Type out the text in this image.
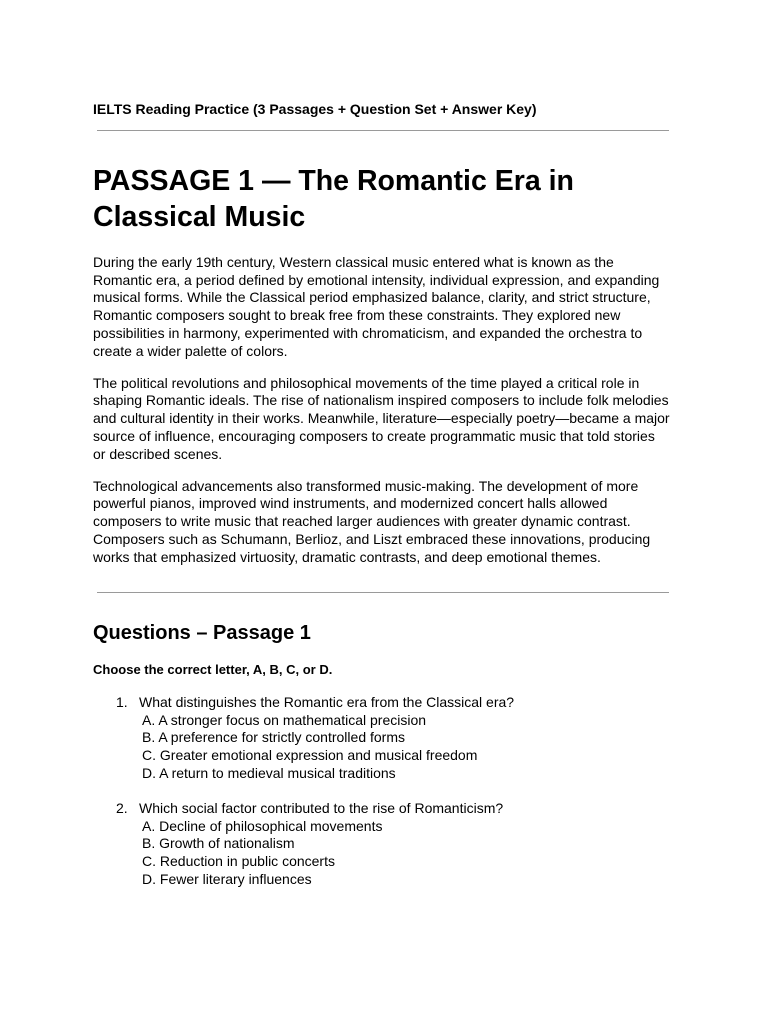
IELTS Reading Practice (3 Passages + Question Set + Answer Key)
PASSAGE 1 — The Romantic Era in Classical Music

During the early 19th century, Western classical music entered what is known as the Romantic era, a period defined by emotional intensity, individual expression, and expanding musical forms. While the Classical period emphasized balance, clarity, and strict structure, Romantic composers sought to break free from these constraints. They explored new possibilities in harmony, experimented with chromaticism, and expanded the orchestra to create a wider palette of colors.

The political revolutions and philosophical movements of the time played a critical role in shaping Romantic ideals. The rise of nationalism inspired composers to include folk melodies and cultural identity in their works. Meanwhile, literature—especially poetry—became a major source of influence, encouraging composers to create programmatic music that told stories or described scenes.

Technological advancements also transformed music-making. The development of more powerful pianos, improved wind instruments, and modernized concert halls allowed composers to write music that reached larger audiences with greater dynamic contrast. Composers such as Schumann, Berlioz, and Liszt embraced these innovations, producing works that emphasized virtuosity, dramatic contrasts, and deep emotional themes.

Questions – Passage 1
Choose the correct letter, A, B, C, or D.
1. What distinguishes the Romantic era from the Classical era?
A. A stronger focus on mathematical precision
B. A preference for strictly controlled forms
C. Greater emotional expression and musical freedom
D. A return to medieval musical traditions
2. Which social factor contributed to the rise of Romanticism?
A. Decline of philosophical movements
B. Growth of nationalism
C. Reduction in public concerts
D. Fewer literary influences
